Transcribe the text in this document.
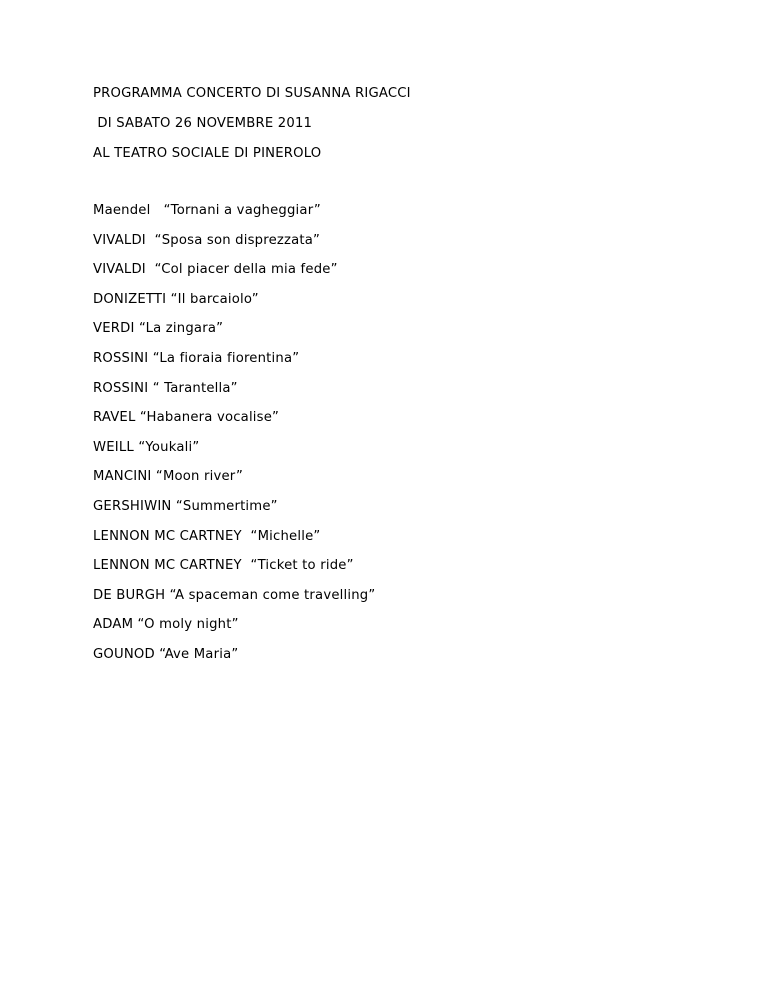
PROGRAMMA CONCERTO DI SUSANNA RIGACCI
DI SABATO 26 NOVEMBRE 2011
AL TEATRO SOCIALE DI PINEROLO
Maendel   “Tornani a vagheggiar”
VIVALDI  “Sposa son disprezzata”
VIVALDI  “Col piacer della mia fede”
DONIZETTI “Il barcaiolo”
VERDI “La zingara”
ROSSINI “La fioraia fiorentina”
ROSSINI “ Tarantella”
RAVEL “Habanera vocalise”
WEILL “Youkali”
MANCINI “Moon river”
GERSHIWIN “Summertime”
LENNON MC CARTNEY  “Michelle”
LENNON MC CARTNEY  “Ticket to ride”
DE BURGH “A spaceman come travelling”
ADAM “O moly night”
GOUNOD “Ave Maria”
